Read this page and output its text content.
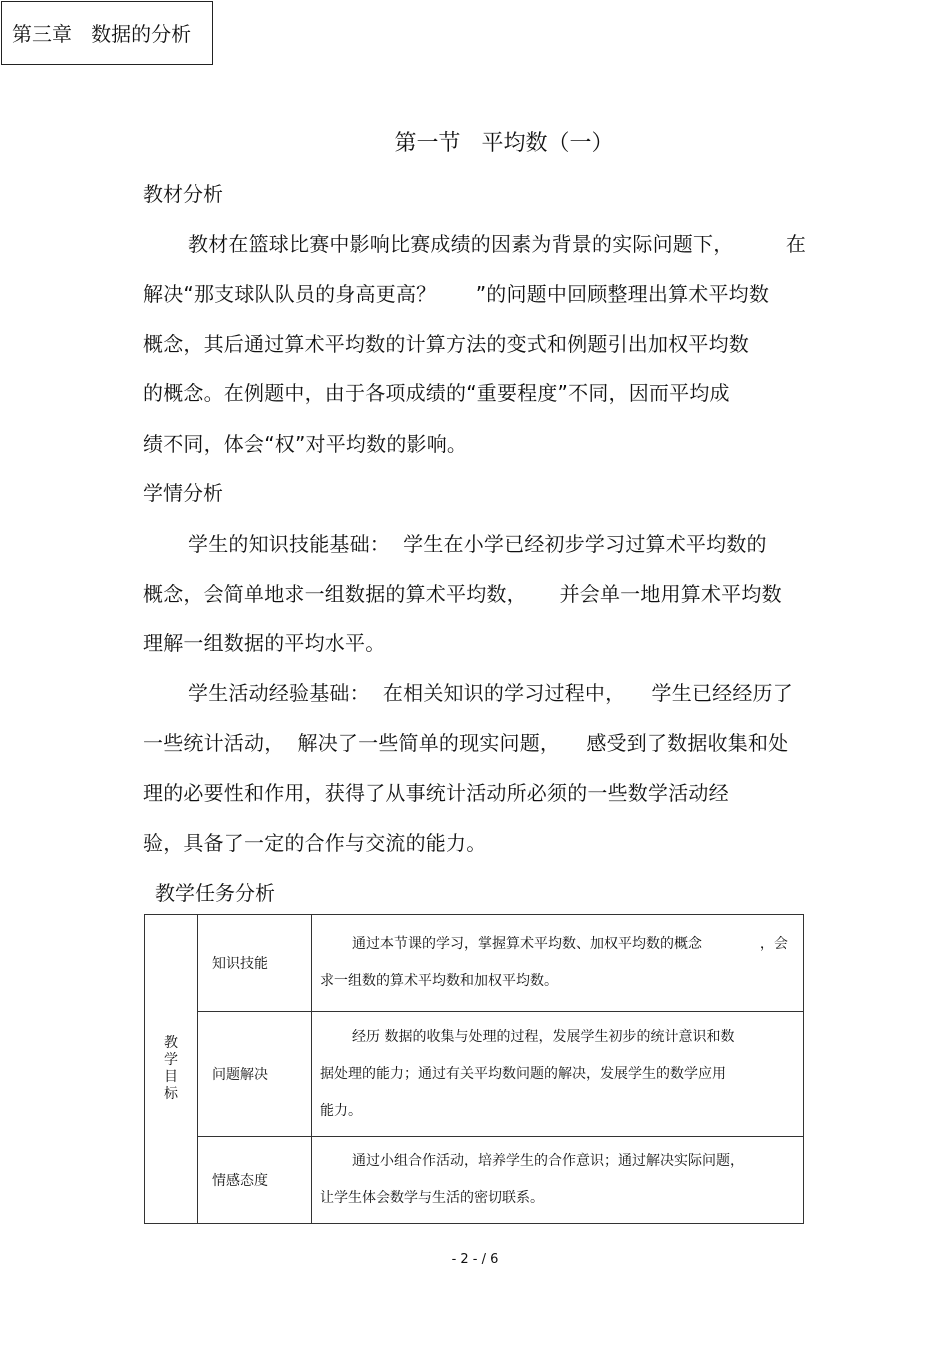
第三章   数据的分析
第一节   平均数（一）
教材分析
教材在篮球比赛中影响比赛成绩的因素为背景的实际问题下，        在
解决“那支球队队员的身高更高？      ”的问题中回顾整理出算术平均数
概念，其后通过算术平均数的计算方法的变式和例题引出加权平均数
的概念。在例题中，由于各项成绩的“重要程度”不同，因而平均成
绩不同，体会“权”对平均数的影响。
学情分析
学生的知识技能基础：  学生在小学已经初步学习过算术平均数的
概念，会简单地求一组数据的算术平均数，     并会单一地用算术平均数
理解一组数据的平均水平。
学生活动经验基础：  在相关知识的学习过程中，    学生已经经历了
一些统计活动，  解决了一些简单的现实问题，    感受到了数据收集和处
理的必要性和作用，获得了从事统计活动所必须的一些数学活动经
验，具备了一定的合作与交流的能力。
教学任务分析
教学目标	知识技能	通过本节课的学习，掌握算术平均数、加权平均数的概念             ，会
求一组数的算术平均数和加权平均数。

	问题解决	经历 数据的收集与处理的过程，发展学生初步的统计意识和数
据处理的能力；通过有关平均数问题的解决，发展学生的数学应用
能力。

	情感态度	通过小组合作活动，培养学生的合作意识；通过解决实际问题，
让学生体会数学与生活的密切联系。
- 2 - / 6
